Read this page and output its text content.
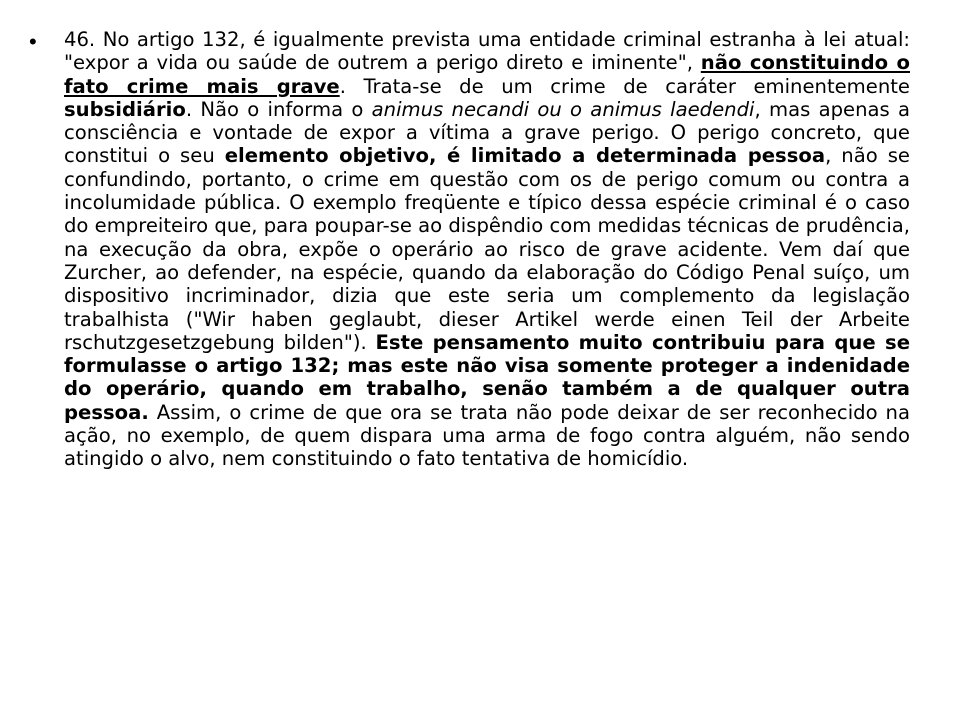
•	46. No artigo 132, é igualmente prevista uma entidade criminal estranha à lei atual: "expor a vida ou saúde de outrem a perigo direto e iminente", não constituindo o fato crime mais grave. Trata-se de um crime de caráter eminentemente subsidiário. Não o informa o animus necandi ou o animus laedendi, mas apenas a consciência e vontade de expor a vítima a grave perigo. O perigo concreto, que constitui o seu elemento objetivo, é limitado a determinada pessoa, não se confundindo, portanto, o crime em questão com os de perigo comum ou contra a incolumidade pública. O exemplo freqüente e típico dessa espécie criminal é o caso do empreiteiro que, para poupar-se ao dispêndio com medidas técnicas de prudência, na execução da obra, expõe o operário ao risco de grave acidente. Vem daí que Zurcher, ao defender, na espécie, quando da elaboração do Código Penal suíço, um dispositivo incriminador, dizia que este seria um complemento da legislação trabalhista ("Wir haben geglaubt, dieser Artikel werde einen Teil der Arbeite rschutzgesetzgebung bilden"). Este pensamento muito contribuiu para que se formulasse o artigo 132; mas este não visa somente proteger a indenidade do operário, quando em trabalho, senão também a de qualquer outra pessoa. Assim, o crime de que ora se trata não pode deixar de ser reconhecido na ação, no exemplo, de quem dispara uma arma de fogo contra alguém, não sendo atingido o alvo, nem constituindo o fato tentativa de homicídio.
